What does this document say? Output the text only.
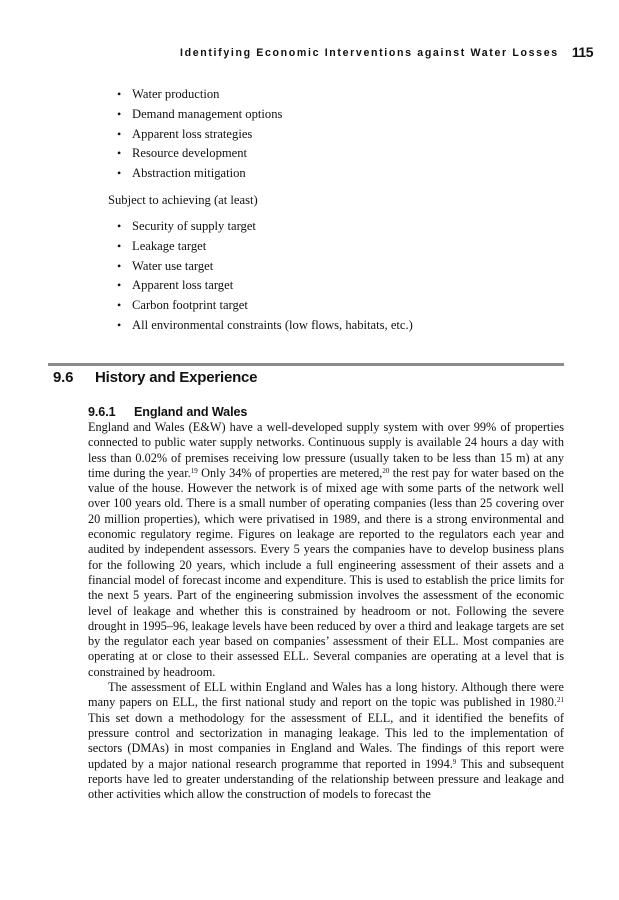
Identifying Economic Interventions against Water Losses 115
• Water production
• Demand management options
• Apparent loss strategies
• Resource development
• Abstraction mitigation
Subject to achieving (at least)
• Security of supply target
• Leakage target
• Water use target
• Apparent loss target
• Carbon footprint target
• All environmental constraints (low flows, habitats, etc.)
9.6 History and Experience
9.6.1 England and Wales

England and Wales (E&W) have a well-developed supply system with over 99% of properties connected to public water supply networks. Continuous supply is available 24 hours a day with less than 0.02% of premises receiving low pressure (usually taken to be less than 15 m) at any time during the year.$^{19}$ Only 34% of properties are metered,$^{20}$ the rest pay for water based on the value of the house. However the network is of mixed age with some parts of the network well over 100 years old. There is a small number of operating companies (less than 25 covering over 20 million properties), which were privatised in 1989, and there is a strong environmental and economic regulatory regime. Figures on leakage are reported to the regulators each year and audited by independent assessors. Every 5 years the companies have to develop business plans for the following 20 years, which include a full engineering assessment of their assets and a financial model of forecast income and expenditure. This is used to establish the price limits for the next 5 years. Part of the engineering submission involves the assessment of the economic level of leakage and whether this is constrained by headroom or not. Following the severe drought in 1995–96, leakage levels have been reduced by over a third and leakage targets are set by the regulator each year based on companies’ assessment of their ELL. Most companies are operating at or close to their assessed ELL. Several companies are operating at a level that is constrained by headroom.

The assessment of ELL within England and Wales has a long history. Although there were many papers on ELL, the first national study and report on the topic was published in 1980.21 This set down a methodology for the assessment of ELL, and it identified the benefits of pressure control and sectorization in managing leakage. This led to the implementation of sectors (DMAs) in most companies in England and Wales. The findings of this report were updated by a major national research programme that reported in 1994.$^9$ This and subsequent reports have led to greater understanding of the relationship between pressure and leakage and other activities which allow the construction of models to forecast the
